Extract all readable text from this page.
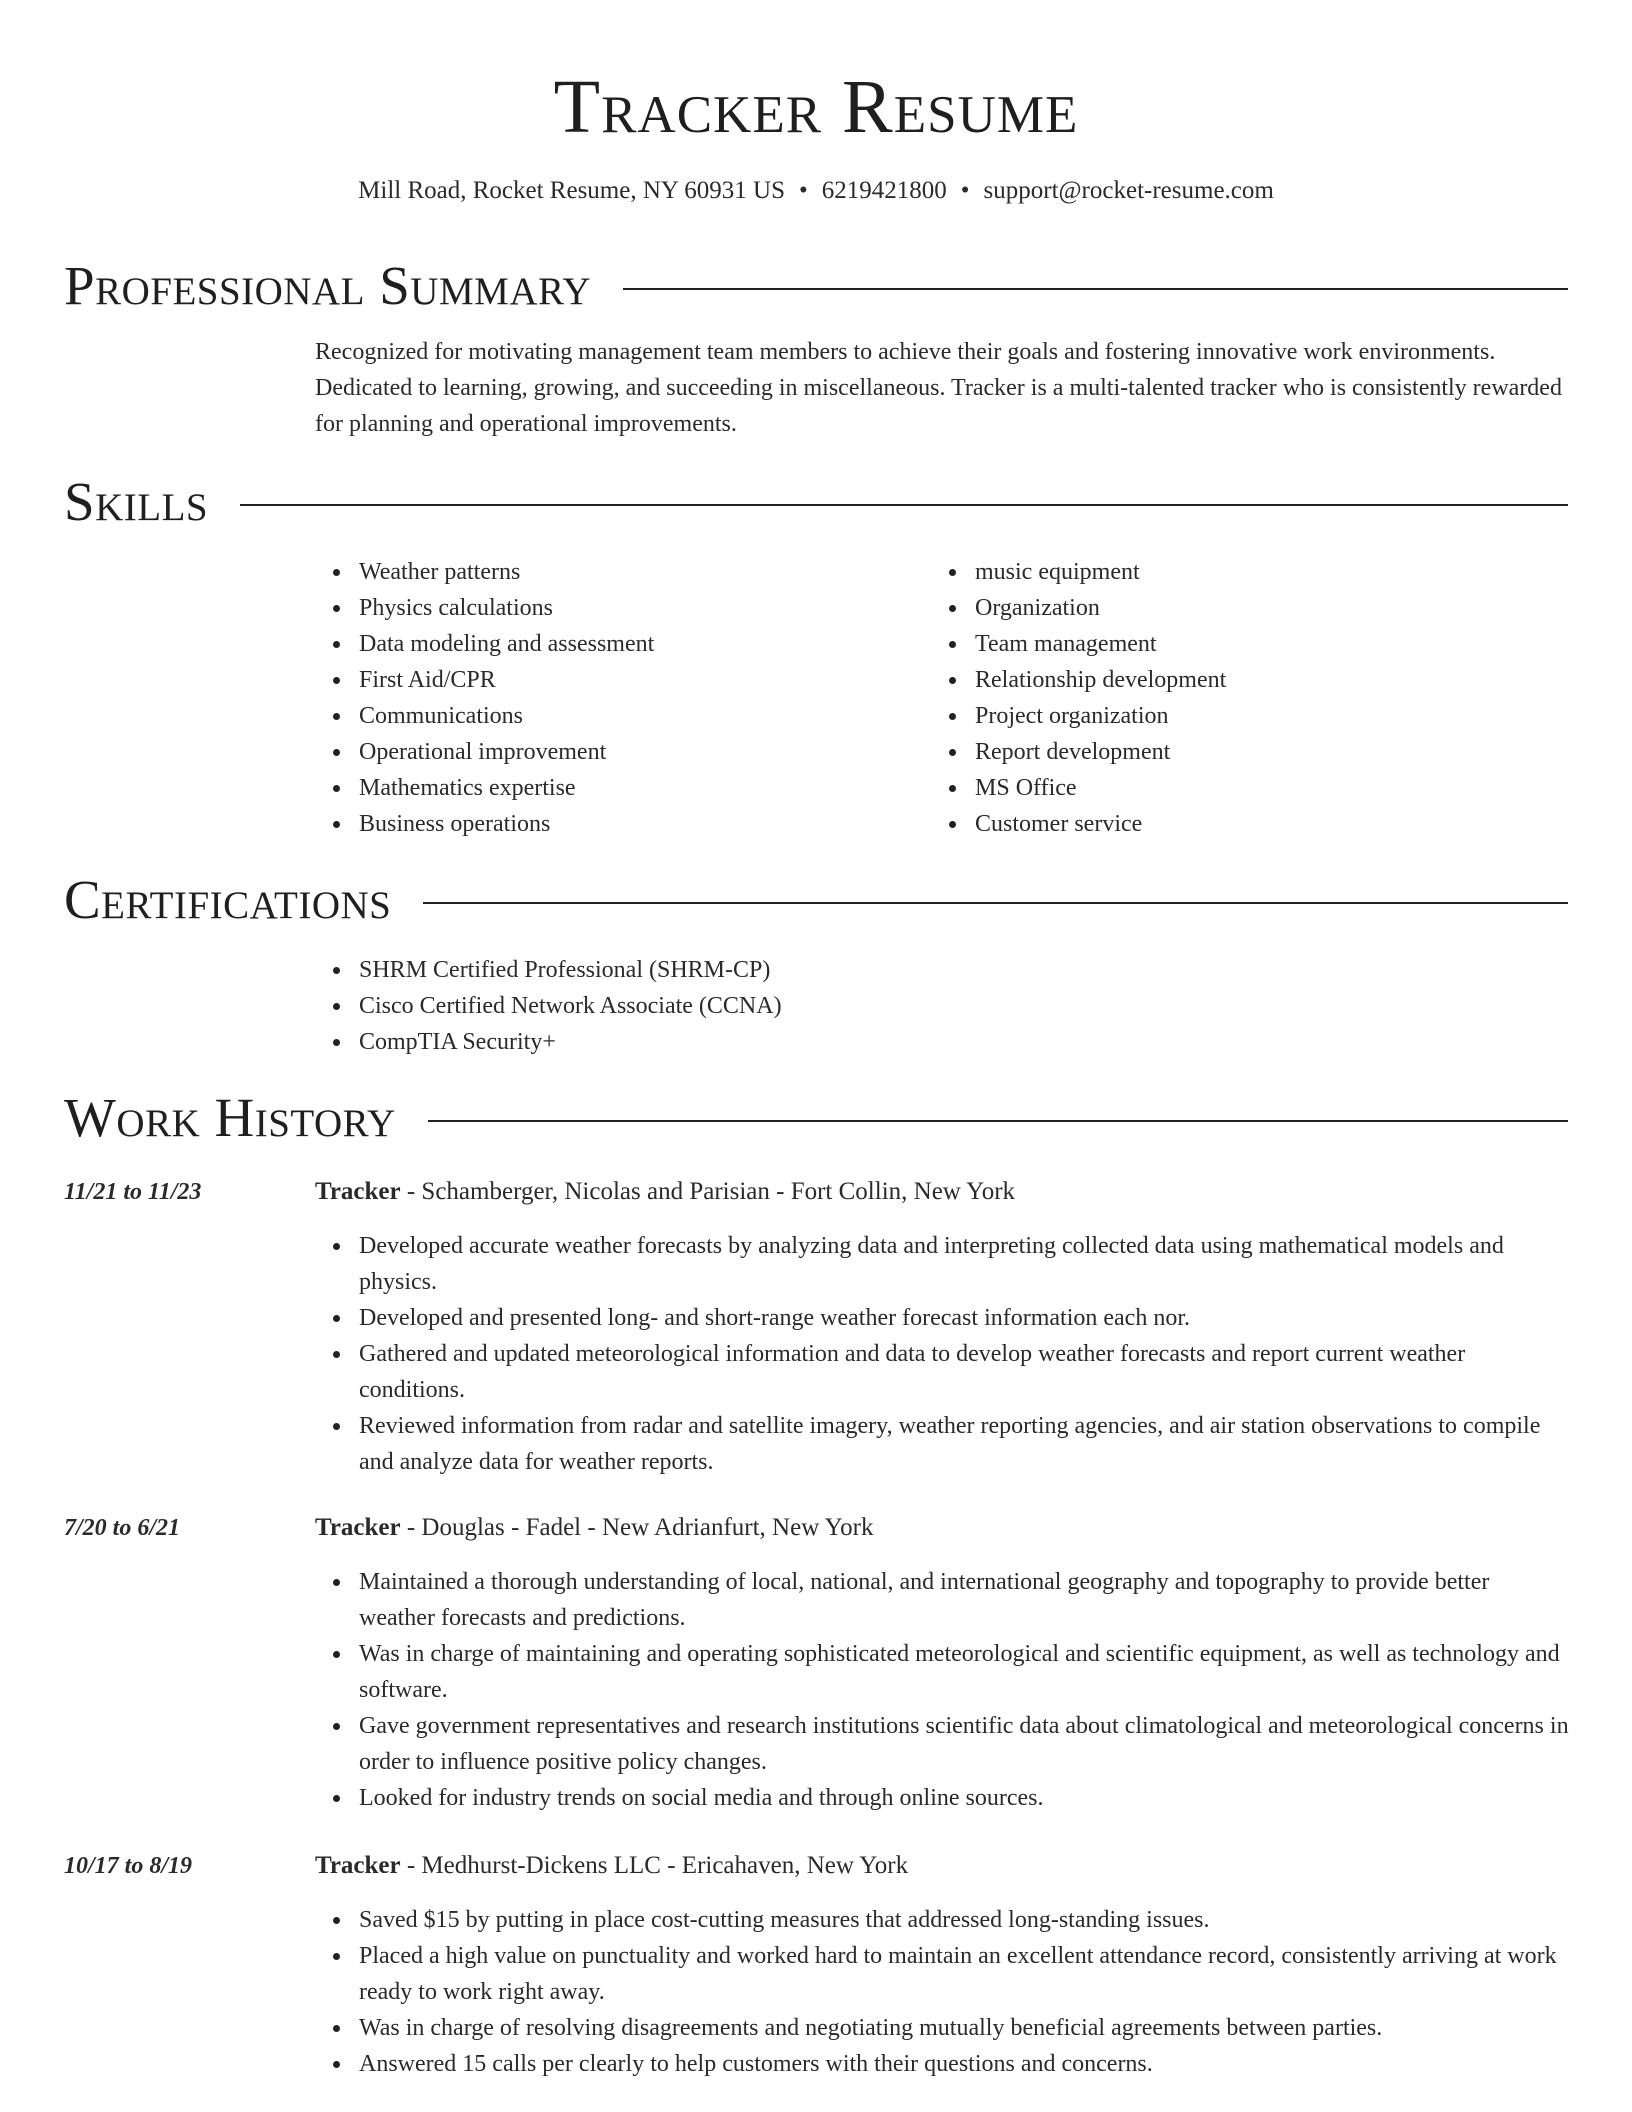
Tracker Resume
Mill Road, Rocket Resume, NY 60931 US • 6219421800 • support@rocket-resume.com
Professional Summary
Recognized for motivating management team members to achieve their goals and fostering innovative work environments. Dedicated to learning, growing, and succeeding in miscellaneous. Tracker is a multi-talented tracker who is consistently rewarded for planning and operational improvements.
Skills
Weather patterns
Physics calculations
Data modeling and assessment
First Aid/CPR
Communications
Operational improvement
Mathematics expertise
Business operations
music equipment
Organization
Team management
Relationship development
Project organization
Report development
MS Office
Customer service
Certifications
SHRM Certified Professional (SHRM-CP)
Cisco Certified Network Associate (CCNA)
CompTIA Security+
Work History
11/21 to 11/23	Tracker - Schamberger, Nicolas and Parisian - Fort Collin, New York
Developed accurate weather forecasts by analyzing data and interpreting collected data using mathematical models and physics.
Developed and presented long- and short-range weather forecast information each nor.
Gathered and updated meteorological information and data to develop weather forecasts and report current weather conditions.
Reviewed information from radar and satellite imagery, weather reporting agencies, and air station observations to compile and analyze data for weather reports.
7/20 to 6/21	Tracker - Douglas - Fadel - New Adrianfurt, New York
Maintained a thorough understanding of local, national, and international geography and topography to provide better weather forecasts and predictions.
Was in charge of maintaining and operating sophisticated meteorological and scientific equipment, as well as technology and software.
Gave government representatives and research institutions scientific data about climatological and meteorological concerns in order to influence positive policy changes.
Looked for industry trends on social media and through online sources.
10/17 to 8/19	Tracker - Medhurst-Dickens LLC - Ericahaven, New York
Saved $15 by putting in place cost-cutting measures that addressed long-standing issues.
Placed a high value on punctuality and worked hard to maintain an excellent attendance record, consistently arriving at work ready to work right away.
Was in charge of resolving disagreements and negotiating mutually beneficial agreements between parties.
Answered 15 calls per clearly to help customers with their questions and concerns.
